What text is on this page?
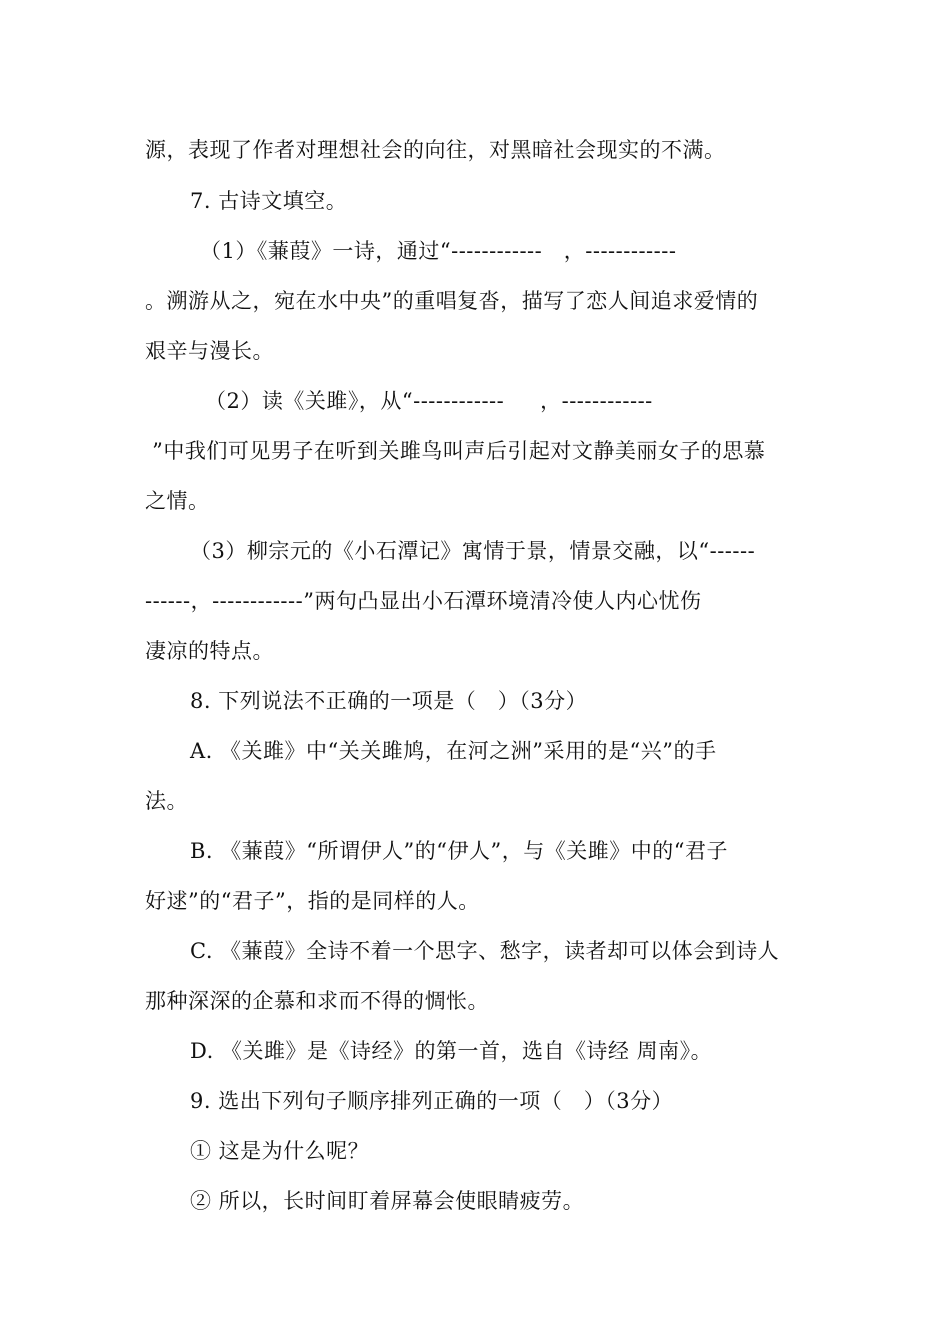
源，表现了作者对理想社会的向往，对黑暗社会现实的不满。
7. 古诗文填空。
（1）《蒹葭》一诗，通过“------------   ，------------
。溯游从之，宛在水中央”的重唱复沓，描写了恋人间追求爱情的
艰辛与漫长。
（2）读《关雎》，从“------------     ，------------
”中我们可见男子在听到关雎鸟叫声后引起对文静美丽女子的思慕
之情。
（3）柳宗元的《小石潭记》寓情于景，情景交融，以“------
------，------------”两句凸显出小石潭环境清冷使人内心忧伤
凄凉的特点。
8. 下列说法不正确的一项是（   ）（3分）
A. 《关雎》中“关关雎鸠，在河之洲”采用的是“兴”的手
法。
B. 《蒹葭》“所谓伊人”的“伊人”，与《关雎》中的“君子
好逑”的“君子”，指的是同样的人。
C. 《蒹葭》全诗不着一个思字、愁字，读者却可以体会到诗人
那种深深的企慕和求而不得的惆怅。
D. 《关雎》是《诗经》的第一首，选自《诗经 周南》。
9. 选出下列句子顺序排列正确的一项（   ）（3分）
① 这是为什么呢？
② 所以，长时间盯着屏幕会使眼睛疲劳。
